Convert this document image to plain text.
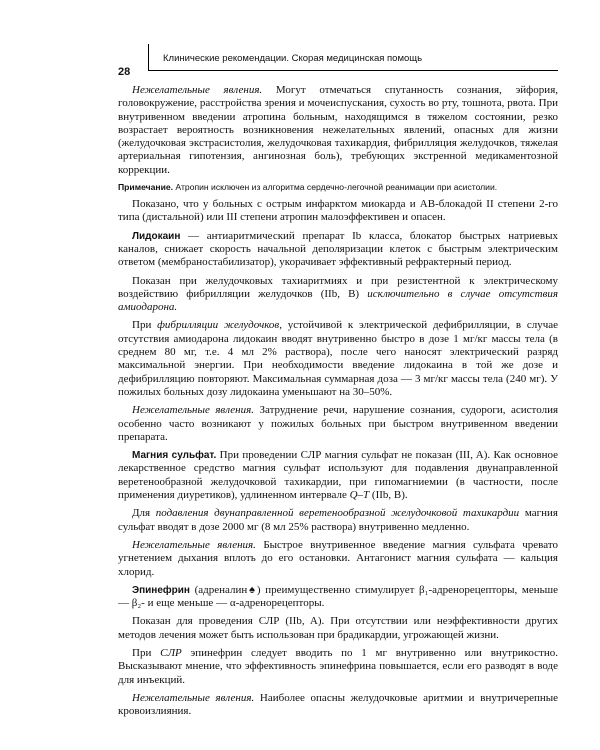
Клинические рекомендации. Скорая медицинская помощь
28

Нежелательные явления. Могут отмечаться спутанность сознания, эйфория, головокружение, расстройства зрения и мочеиспускания, сухость во рту, тошнота, рвота. При внутривенном введении атропина больным, находящимся в тяжелом состоянии, резко возрастает вероятность возникновения нежелательных явлений, опасных для жизни (желудочковая экстрасистолия, желудочковая тахикардия, фибрилляция желудочков, тяжелая артериальная гипотензия, ангинозная боль), требующих экстренной медикаментозной коррекции.

Примечание. Атропин исключен из алгоритма сердечно-легочной реанимации при асистолии.

Показано, что у больных с острым инфарктом миокарда и АВ-блокадой II степени 2-го типа (дистальной) или III степени атропин малоэффективен и опасен.

Лидокаин — антиаритмический препарат Ib класса, блокатор быстрых натриевых каналов, снижает скорость начальной деполяризации клеток с быстрым электрическим ответом (мембраностабилизатор), укорачивает эффективный рефрактерный период.

Показан при желудочковых тахиаритмиях и при резистентной к электрическому воздействию фибрилляции желудочков (IIb, B) исключительно в случае отсутствия амиодарона.

При фибрилляции желудочков, устойчивой к электрической дефибрилляции, в случае отсутствия амиодарона лидокаин вводят внутривенно быстро в дозе 1 мг/кг массы тела (в среднем 80 мг, т.е. 4 мл 2% раствора), после чего наносят электрический разряд максимальной энергии. При необходимости введение лидокаина в той же дозе и дефибрилляцию повторяют. Максимальная суммарная доза — 3 мг/кг массы тела (240 мг). У пожилых больных дозу лидокаина уменьшают на 30–50%.

Нежелательные явления. Затруднение речи, нарушение сознания, судороги, асистолия особенно часто возникают у пожилых больных при быстром внутривенном введении препарата.

Магния сульфат. При проведении СЛР магния сульфат не показан (III, A). Как основное лекарственное средство магния сульфат используют для подавления двунаправленной веретенообразной желудочковой тахикардии, при гипомагниемии (в частности, после применения диуретиков), удлиненном интервале Q–T (IIb, B).

Для подавления двунаправленной веретенообразной желудочковой тахикардии магния сульфат вводят в дозе 2000 мг (8 мл 25% раствора) внутривенно медленно.

Нежелательные явления. Быстрое внутривенное введение магния сульфата чревато угнетением дыхания вплоть до его остановки. Антагонист магния сульфата — кальция хлорид.

Эпинефрин (адреналин♠) преимущественно стимулирует β₁-адренорецепторы, меньше — β₂- и еще меньше — α-адренорецепторы.

Показан для проведения СЛР (IIb, A). При отсутствии или неэффективности других методов лечения может быть использован при брадикардии, угрожающей жизни.

При СЛР эпинефрин следует вводить по 1 мг внутривенно или внутрикостно. Высказывают мнение, что эффективность эпинефрина повышается, если его разводят в воде для инъекций.

Нежелательные явления. Наиболее опасны желудочковые аритмии и внутричерепные кровоизлияния.
